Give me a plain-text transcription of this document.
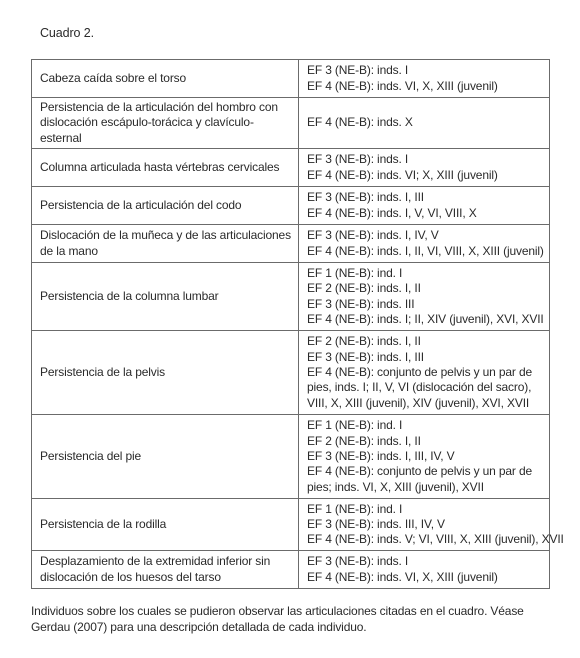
Cuadro 2.
Cabeza caída sobre el torso	EF 3 (NE-B): inds. I
EF 4 (NE-B): inds. VI, X, XIII (juvenil)

Persistencia de la articulación del hombro con dislocación escápulo-torácica y clavículo-esternal	EF 4 (NE-B): inds. X

Columna articulada hasta vértebras cervicales	EF 3 (NE-B): inds. I
EF 4 (NE-B): inds. VI; X, XIII (juvenil)

Persistencia de la articulación del codo	EF 3 (NE-B): inds. I, III
EF 4 (NE-B): inds. I, V, VI, VIII, X

Dislocación de la muñeca y de las articulaciones de la mano	EF 3 (NE-B): inds. I, IV, V
EF 4 (NE-B): inds. I, II, VI, VIII, X, XIII (juvenil)

Persistencia de la columna lumbar	EF 1 (NE-B): ind. I
EF 2 (NE-B): inds. I, II
EF 3 (NE-B): inds. III
EF 4 (NE-B): inds. I; II, XIV (juvenil), XVI, XVII

Persistencia de la pelvis	EF 2 (NE-B): inds. I, II
EF 3 (NE-B): inds. I, III
EF 4 (NE-B): conjunto de pelvis y un par de pies, inds. I; II, V, VI (dislocación del sacro), VIII, X, XIII (juvenil), XIV (juvenil), XVI, XVII

Persistencia del pie	EF 1 (NE-B): ind. I
EF 2 (NE-B): inds. I, II
EF 3 (NE-B): inds. I, III, IV, V
EF 4 (NE-B): conjunto de pelvis y un par de pies; inds. VI, X, XIII (juvenil), XVII

Persistencia de la rodilla	EF 1 (NE-B): ind. I
EF 3 (NE-B): inds. III, IV, V
EF 4 (NE-B): inds. V; VI, VIII, X, XIII (juvenil), XVII

Desplazamiento de la extremidad inferior sin dislocación de los huesos del tarso	EF 3 (NE-B): inds. I
EF 4 (NE-B): inds. VI, X, XIII (juvenil)
Individuos sobre los cuales se pudieron observar las articulaciones citadas en el cuadro. Véase Gerdau (2007) para una descripción detallada de cada individuo.
